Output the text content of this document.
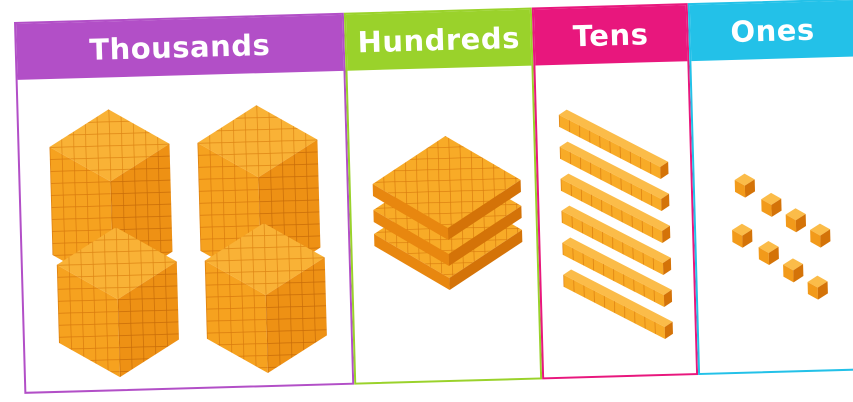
Thousands	Hundreds Tens	Ones
